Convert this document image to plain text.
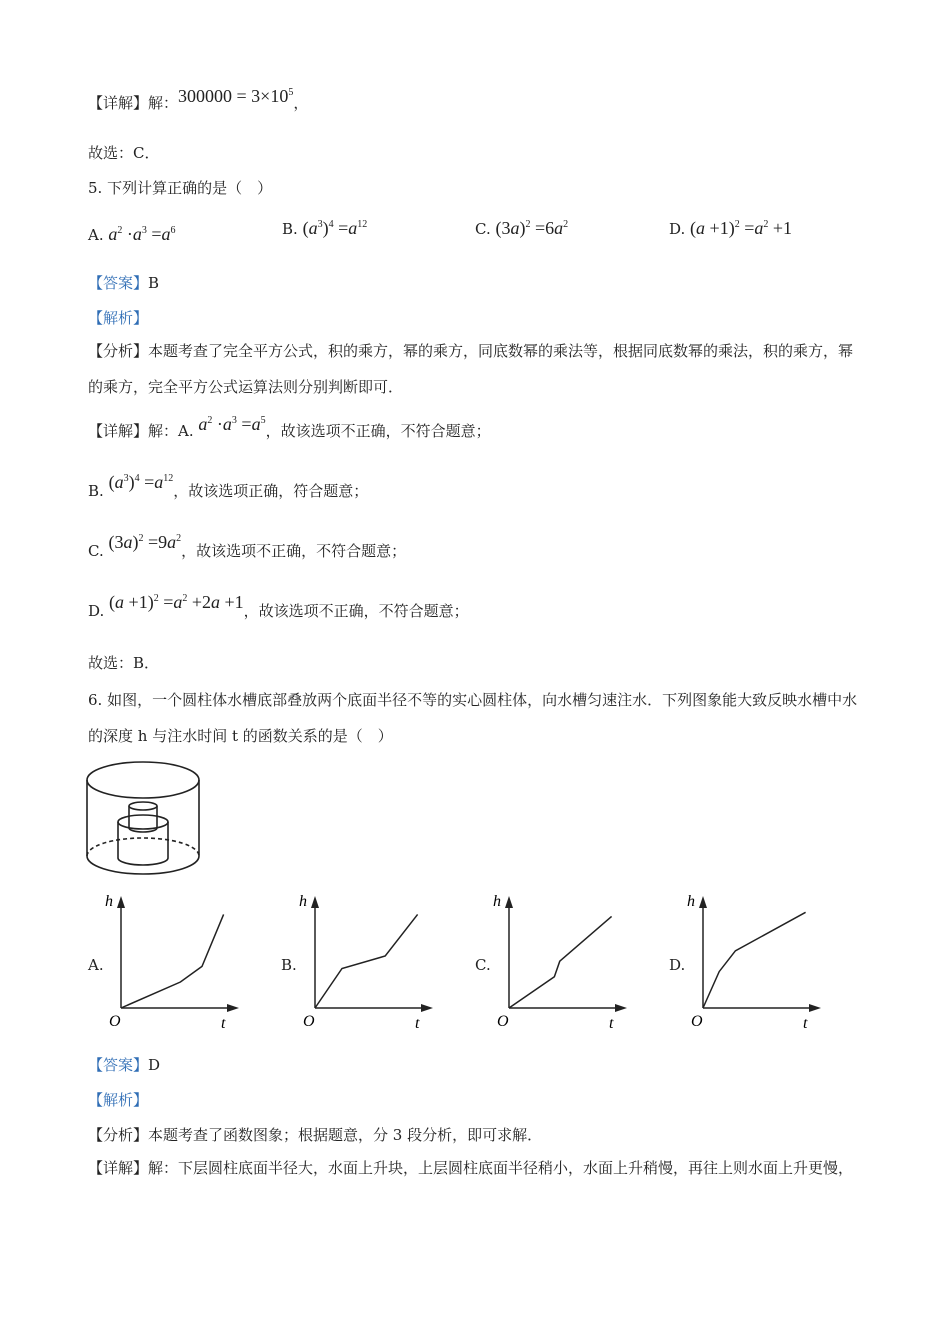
【详解】解：$300000 = 3\times 10^5$，
故选：C．
5. 下列计算正确的是（　）
A. $a^2 \cdot a^3 =a^6$	B. $(a^3)^4 =a^{12}$	C. $(3a)^2 =6a^2$	D. $(a +1)^2 =a^2 +1$
【答案】B
【解析】
【分析】本题考查了完全平方公式，积的乘方，幂的乘方，同底数幂的乘法等，根据同底数幂的乘法，积的乘方，幂的乘方，完全平方公式运算法则分别判断即可．
【详解】解：A. $a^2 \cdot a^3 =a^5$，故该选项不正确，不符合题意；
B. $(a^3)^4 =a^{12}$，故该选项正确，符合题意；
C. $(3a)^2 =9a^2$，故该选项不正确，不符合题意；
D. $(a +1)^2 =a^2 +2a +1$，故该选项不正确，不符合题意；
故选：B．
6. 如图，一个圆柱体水槽底部叠放两个底面半径不等的实心圆柱体，向水槽匀速注水．下列图象能大致反映水槽中水的深度 h 与注水时间 t 的函数关系的是（　）
A.	B.	C.	D.
h
t
O
h
t
O
h
t
O
h
t
O
【答案】D
【解析】
【分析】本题考查了函数图象；根据题意，分 3 段分析，即可求解．
【详解】解：下层圆柱底面半径大，水面上升块，上层圆柱底面半径稍小，水面上升稍慢，再往上则水面上升更慢，
